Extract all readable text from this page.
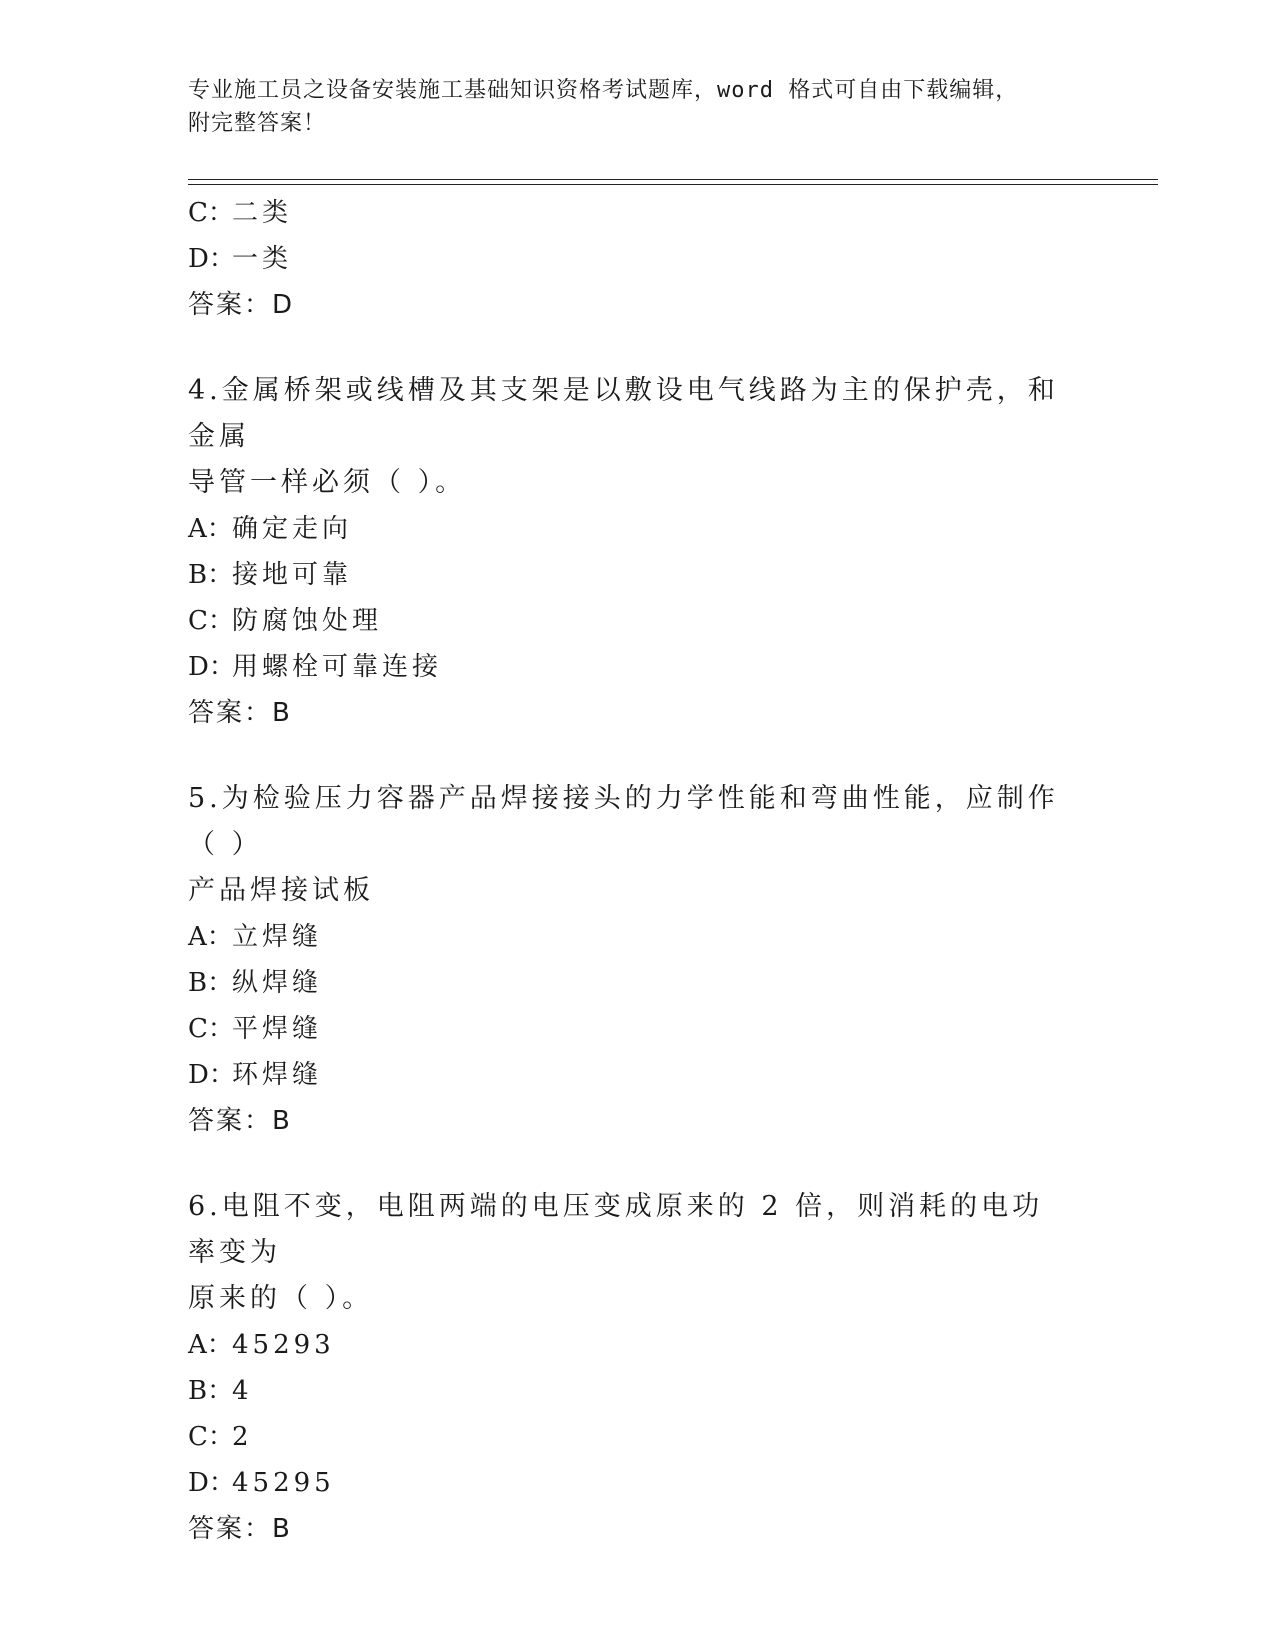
专业施工员之设备安装施工基础知识资格考试题库，word 格式可自由下载编辑，
附完整答案！
C：二类
D：一类
答案：D
4.金属桥架或线槽及其支架是以敷设电气线路为主的保护壳，和金属
导管一样必须（ ）。
A：确定走向
B：接地可靠
C：防腐蚀处理
D：用螺栓可靠连接
答案：B
5.为检验压力容器产品焊接接头的力学性能和弯曲性能，应制作（ ）
产品焊接试板
A：立焊缝
B：纵焊缝
C：平焊缝
D：环焊缝
答案：B
6.电阻不变，电阻两端的电压变成原来的 2 倍，则消耗的电功率变为
原来的（ ）。
A：45293
B：4
C：2
D：45295
答案：B
